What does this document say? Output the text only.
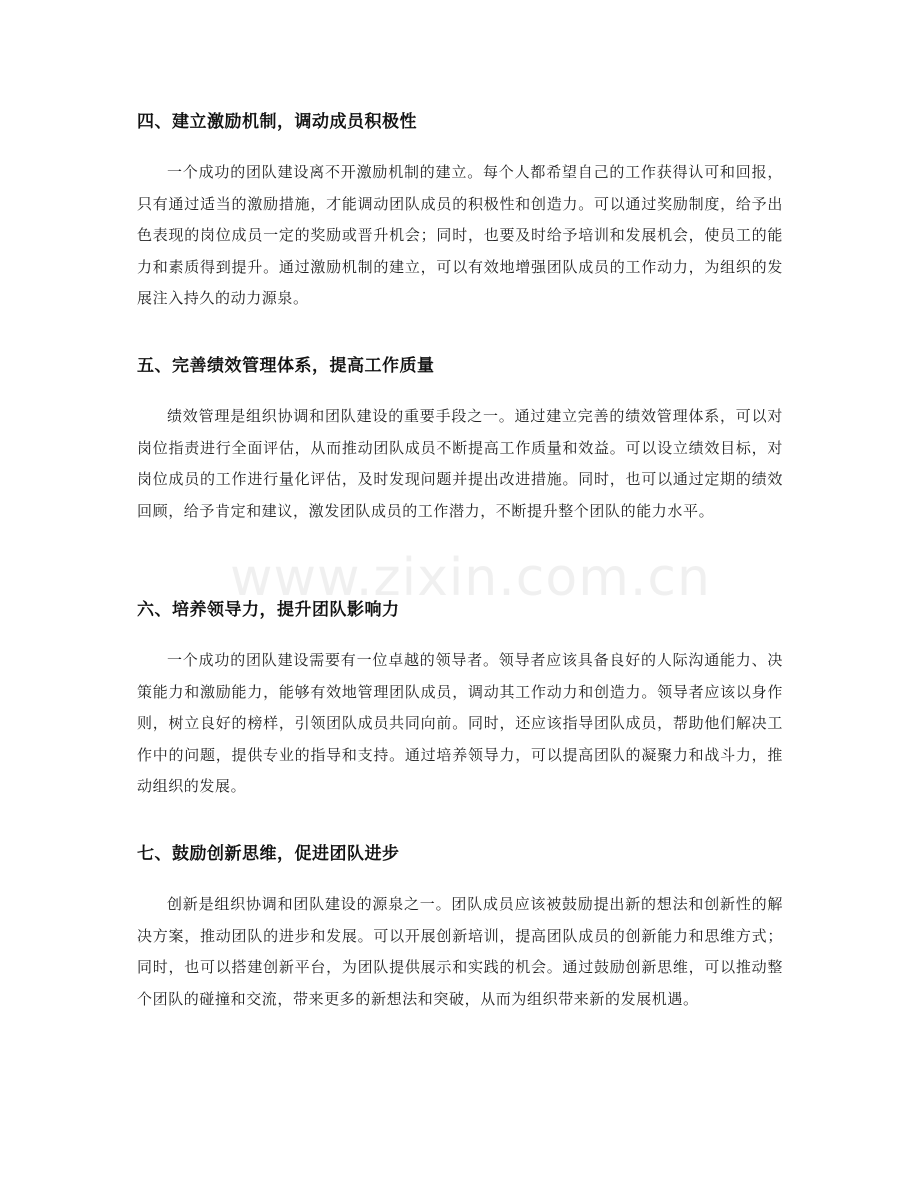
www.zixin.com.cn
四、建立激励机制，调动成员积极性

一个成功的团队建设离不开激励机制的建立。每个人都希望自己的工作获得认可和回报，只有通过适当的激励措施，才能调动团队成员的积极性和创造力。可以通过奖励制度，给予出色表现的岗位成员一定的奖励或晋升机会；同时，也要及时给予培训和发展机会，使员工的能力和素质得到提升。通过激励机制的建立，可以有效地增强团队成员的工作动力，为组织的发展注入持久的动力源泉。

五、完善绩效管理体系，提高工作质量

绩效管理是组织协调和团队建设的重要手段之一。通过建立完善的绩效管理体系，可以对岗位指责进行全面评估，从而推动团队成员不断提高工作质量和效益。可以设立绩效目标，对岗位成员的工作进行量化评估，及时发现问题并提出改进措施。同时，也可以通过定期的绩效回顾，给予肯定和建议，激发团队成员的工作潜力，不断提升整个团队的能力水平。

六、培养领导力，提升团队影响力

一个成功的团队建设需要有一位卓越的领导者。领导者应该具备良好的人际沟通能力、决策能力和激励能力，能够有效地管理团队成员，调动其工作动力和创造力。领导者应该以身作则，树立良好的榜样，引领团队成员共同向前。同时，还应该指导团队成员，帮助他们解决工作中的问题，提供专业的指导和支持。通过培养领导力，可以提高团队的凝聚力和战斗力，推动组织的发展。

七、鼓励创新思维，促进团队进步

创新是组织协调和团队建设的源泉之一。团队成员应该被鼓励提出新的想法和创新性的解决方案，推动团队的进步和发展。可以开展创新培训，提高团队成员的创新能力和思维方式；同时，也可以搭建创新平台，为团队提供展示和实践的机会。通过鼓励创新思维，可以推动整个团队的碰撞和交流，带来更多的新想法和突破，从而为组织带来新的发展机遇。
